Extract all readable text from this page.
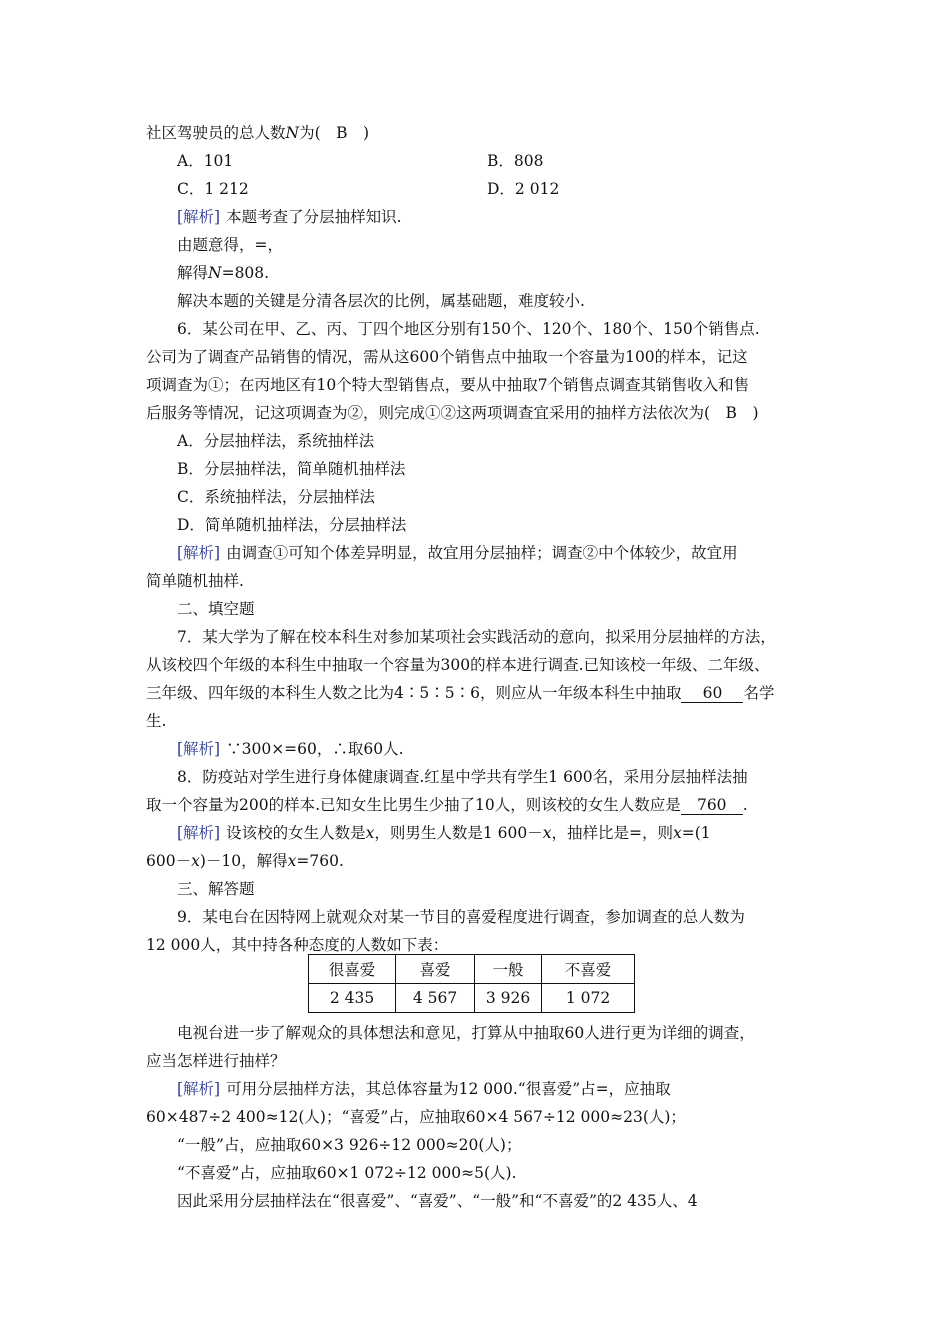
社区驾驶员的总人数N为(　B　)
A．101	B．808
C．1 212	D．2 012
[解析] 本题考查了分层抽样知识.
由题意得，=，
解得N=808.
解决本题的关键是分清各层次的比例，属基础题，难度较小.
6．某公司在甲、乙、丙、丁四个地区分别有150个、120个、180个、150个销售点.
公司为了调查产品销售的情况，需从这600个销售点中抽取一个容量为100的样本，记这
项调查为①；在丙地区有10个特大型销售点，要从中抽取7个销售点调查其销售收入和售
后服务等情况，记这项调查为②，则完成①②这两项调查宜采用的抽样方法依次为(　B　)
A．分层抽样法，系统抽样法
B．分层抽样法，简单随机抽样法
C．系统抽样法，分层抽样法
D．简单随机抽样法，分层抽样法
[解析] 由调查①可知个体差异明显，故宜用分层抽样；调查②中个体较少，故宜用
简单随机抽样.
二、填空题
7．某大学为了解在校本科生对参加某项社会实践活动的意向，拟采用分层抽样的方法，
从该校四个年级的本科生中抽取一个容量为300的样本进行调查.已知该校一年级、二年级、
三年级、四年级的本科生人数之比为4∶5∶5∶6，则应从一年级本科生中抽取 60 名学
生.
[解析] ∵300×=60，∴取60人.
8．防疫站对学生进行身体健康调查.红星中学共有学生1 600名，采用分层抽样法抽
取一个容量为200的样本.已知女生比男生少抽了10人，则该校的女生人数应是 760 .
[解析] 设该校的女生人数是x，则男生人数是1 600－x，抽样比是=，则x=(1
600－x)－10，解得x=760.
三、解答题
9．某电台在因特网上就观众对某一节目的喜爱程度进行调查，参加调查的总人数为
12 000人，其中持各种态度的人数如下表：
很喜爱	喜爱	一般	不喜爱
2 435	4 567	3 926	1 072
电视台进一步了解观众的具体想法和意见，打算从中抽取60人进行更为详细的调查，
应当怎样进行抽样？
[解析] 可用分层抽样方法，其总体容量为12 000.“很喜爱”占=，应抽取
60×487÷2 400≈12(人)；“喜爱”占，应抽取60×4 567÷12 000≈23(人)；
“一般”占，应抽取60×3 926÷12 000≈20(人)；
“不喜爱”占，应抽取60×1 072÷12 000≈5(人).
因此采用分层抽样法在“很喜爱”、“喜爱”、“一般”和“不喜爱”的2 435人、4
